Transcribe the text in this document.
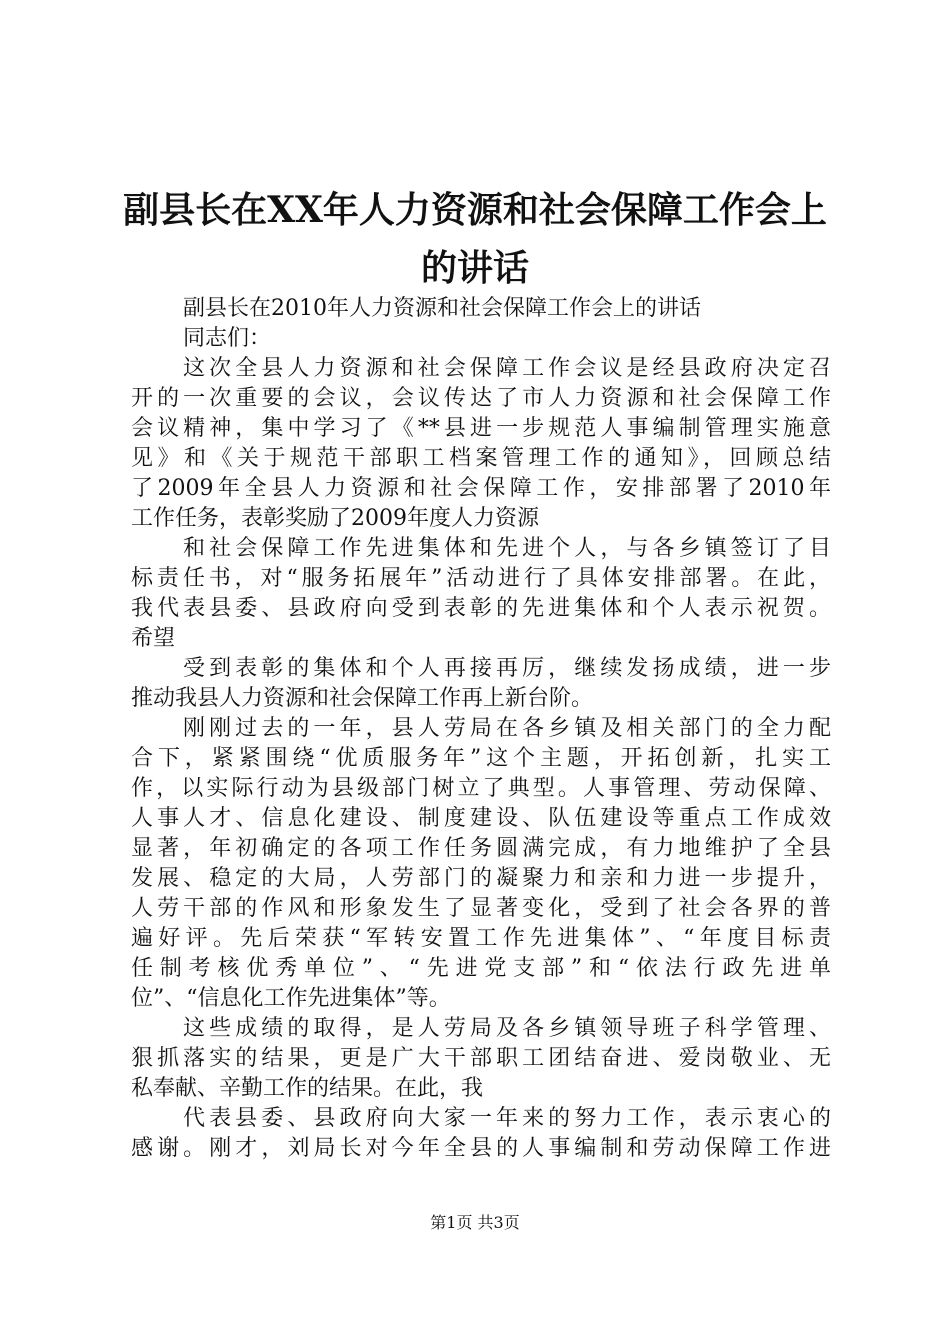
副县长在XX年人力资源和社会保障工作会上
的讲话
副县长在2010年人力资源和社会保障工作会上的讲话
同志们：
这次全县人力资源和社会保障工作会议是经县政府决定召
开的一次重要的会议，会议传达了市人力资源和社会保障工作
会议精神，集中学习了《**县进一步规范人事编制管理实施意
见》和《关于规范干部职工档案管理工作的通知》，回顾总结
了2009年全县人力资源和社会保障工作，安排部署了2010年
工作任务，表彰奖励了2009年度人力资源
和社会保障工作先进集体和先进个人，与各乡镇签订了目
标责任书，对“服务拓展年”活动进行了具体安排部署。在此，
我代表县委、县政府向受到表彰的先进集体和个人表示祝贺。
希望
受到表彰的集体和个人再接再厉，继续发扬成绩，进一步
推动我县人力资源和社会保障工作再上新台阶。
刚刚过去的一年，县人劳局在各乡镇及相关部门的全力配
合下，紧紧围绕“优质服务年”这个主题，开拓创新，扎实工
作，以实际行动为县级部门树立了典型。人事管理、劳动保障、
人事人才、信息化建设、制度建设、队伍建设等重点工作成效
显著，年初确定的各项工作任务圆满完成，有力地维护了全县
发展、稳定的大局，人劳部门的凝聚力和亲和力进一步提升，
人劳干部的作风和形象发生了显著变化，受到了社会各界的普
遍好评。先后荣获“军转安置工作先进集体”、“年度目标责
任制考核优秀单位”、“先进党支部”和“依法行政先进单
位”、“信息化工作先进集体”等。
这些成绩的取得，是人劳局及各乡镇领导班子科学管理、
狠抓落实的结果，更是广大干部职工团结奋进、爱岗敬业、无
私奉献、辛勤工作的结果。在此，我
代表县委、县政府向大家一年来的努力工作，表示衷心的
感谢。刚才，刘局长对今年全县的人事编制和劳动保障工作进
第1页 共3页
